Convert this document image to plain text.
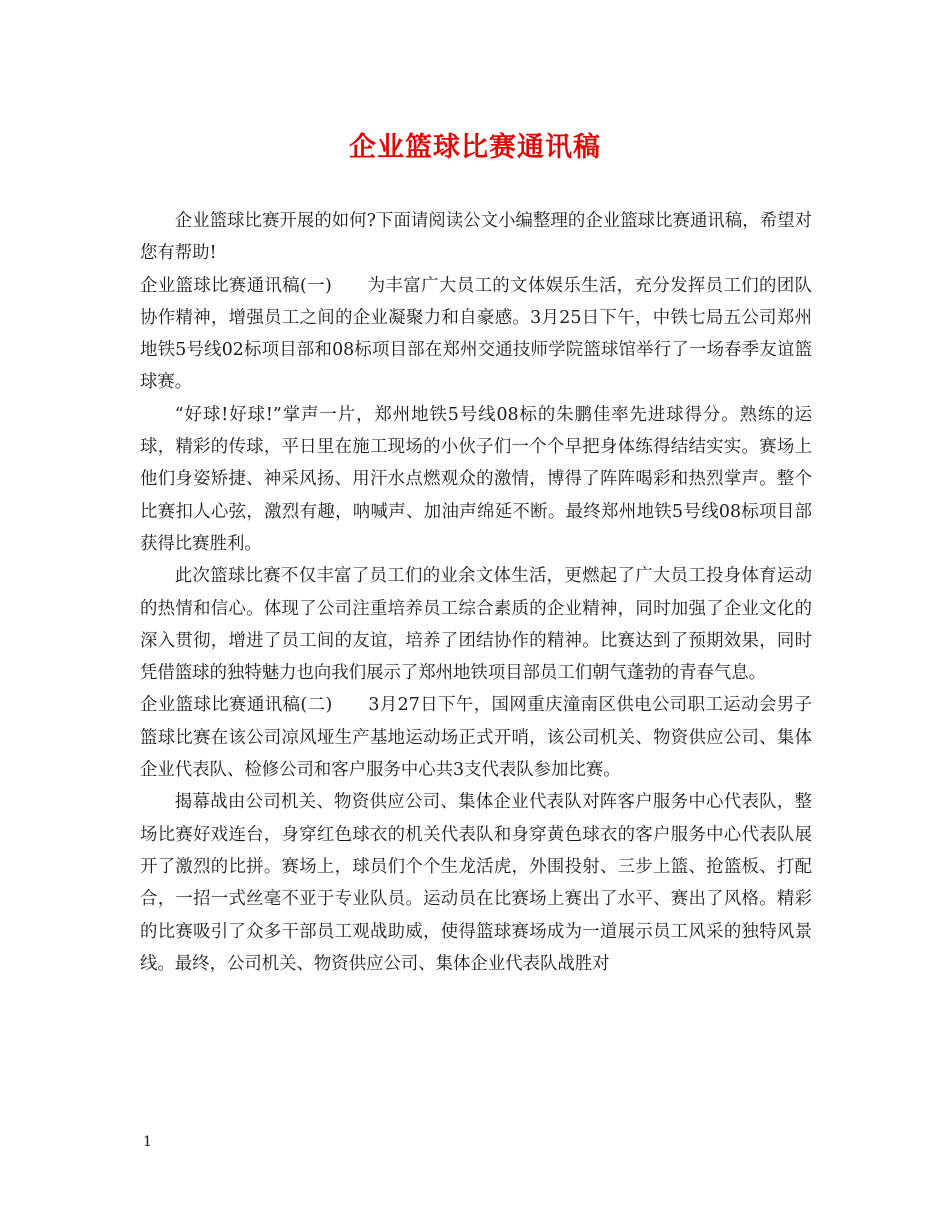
企业篮球比赛通讯稿

企业篮球比赛开展的如何?下面请阅读公文小编整理的企业篮球比赛通讯稿，希望对您有帮助!

企业篮球比赛通讯稿(一)　　为丰富广大员工的文体娱乐生活，充分发挥员工们的团队协作精神，增强员工之间的企业凝聚力和自豪感。3月25日下午，中铁七局五公司郑州地铁5号线02标项目部和08标项目部在郑州交通技师学院篮球馆举行了一场春季友谊篮球赛。

“好球!好球!”掌声一片，郑州地铁5号线08标的朱鹏佳率先进球得分。熟练的运球，精彩的传球，平日里在施工现场的小伙子们一个个早把身体练得结结实实。赛场上他们身姿矫捷、神采风扬、用汗水点燃观众的激情，博得了阵阵喝彩和热烈掌声。整个比赛扣人心弦，激烈有趣，呐喊声、加油声绵延不断。最终郑州地铁5号线08标项目部获得比赛胜利。

此次篮球比赛不仅丰富了员工们的业余文体生活，更燃起了广大员工投身体育运动的热情和信心。体现了公司注重培养员工综合素质的企业精神，同时加强了企业文化的深入贯彻，增进了员工间的友谊，培养了团结协作的精神。比赛达到了预期效果，同时凭借篮球的独特魅力也向我们展示了郑州地铁项目部员工们朝气蓬勃的青春气息。

企业篮球比赛通讯稿(二)　　3月27日下午，国网重庆潼南区供电公司职工运动会男子篮球比赛在该公司凉风垭生产基地运动场正式开哨，该公司机关、物资供应公司、集体企业代表队、检修公司和客户服务中心共3支代表队参加比赛。

揭幕战由公司机关、物资供应公司、集体企业代表队对阵客户服务中心代表队，整场比赛好戏连台，身穿红色球衣的机关代表队和身穿黄色球衣的客户服务中心代表队展开了激烈的比拼。赛场上，球员们个个生龙活虎，外围投射、三步上篮、抢篮板、打配合，一招一式丝毫不亚于专业队员。运动员在比赛场上赛出了水平、赛出了风格。精彩的比赛吸引了众多干部员工观战助威，使得篮球赛场成为一道展示员工风采的独特风景线。最终，公司机关、物资供应公司、集体企业代表队战胜对

1
